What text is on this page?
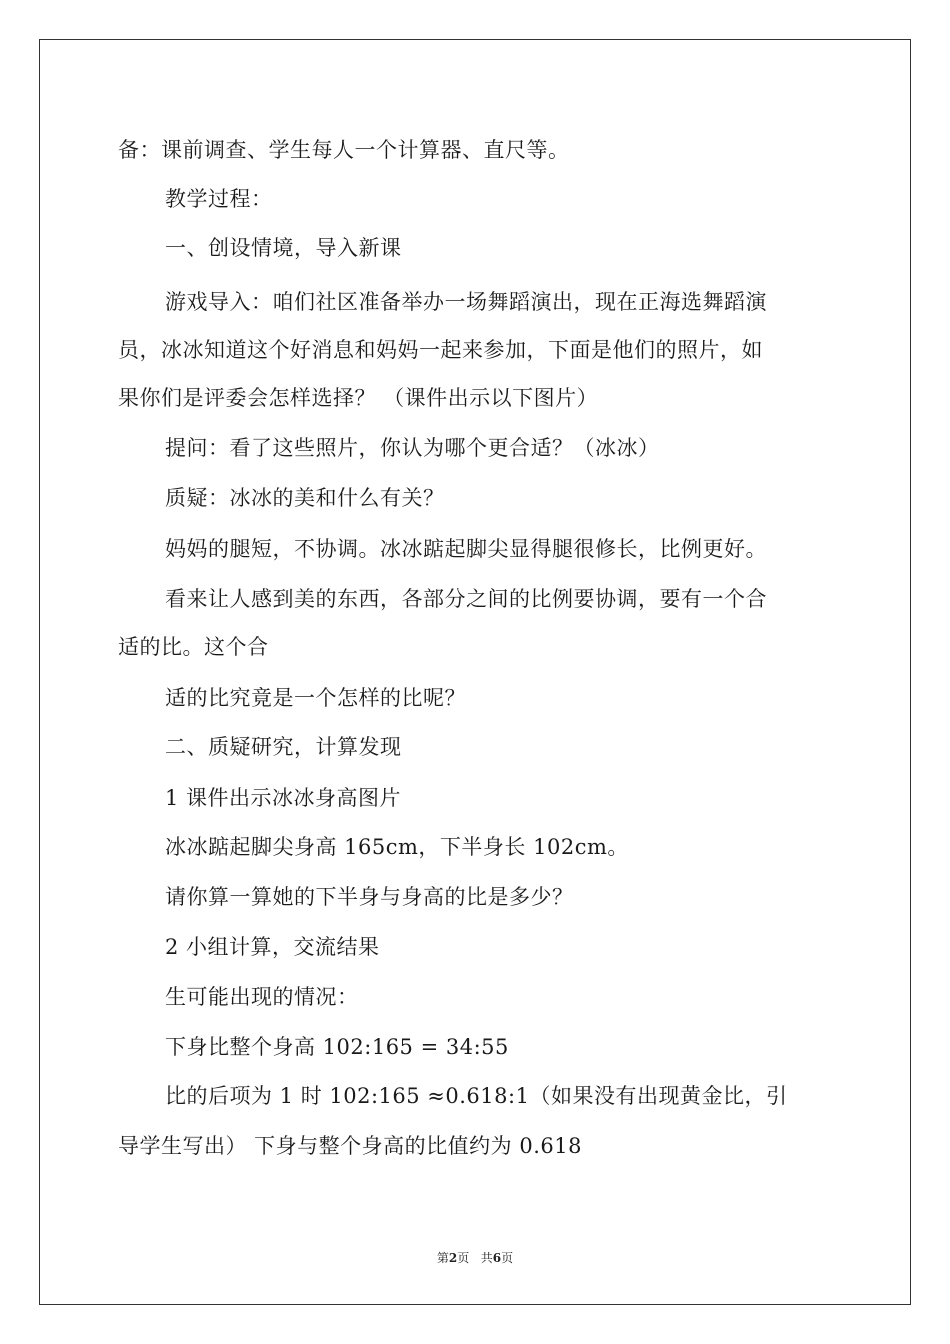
备：课前调查、学生每人一个计算器、直尺等。
教学过程：
一、创设情境，导入新课
游戏导入：咱们社区准备举办一场舞蹈演出，现在正海选舞蹈演
员，冰冰知道这个好消息和妈妈一起来参加，下面是他们的照片，如
果你们是评委会怎样选择？ （课件出示以下图片）
提问：看了这些照片，你认为哪个更合适？（冰冰）
质疑：冰冰的美和什么有关？
妈妈的腿短，不协调。冰冰踮起脚尖显得腿很修长，比例更好。
看来让人感到美的东西，各部分之间的比例要协调，要有一个合
适的比。这个合
适的比究竟是一个怎样的比呢？
二、质疑研究，计算发现
1 课件出示冰冰身高图片
冰冰踮起脚尖身高 165cm，下半身长 102cm。
请你算一算她的下半身与身高的比是多少？
2 小组计算，交流结果
生可能出现的情况：
下身比整个身高 102:165 = 34:55
比的后项为 1 时 102:165 ≈0.618:1（如果没有出现黄金比，引
导学生写出） 下身与整个身高的比值约为 0.618
第2页   共6页
